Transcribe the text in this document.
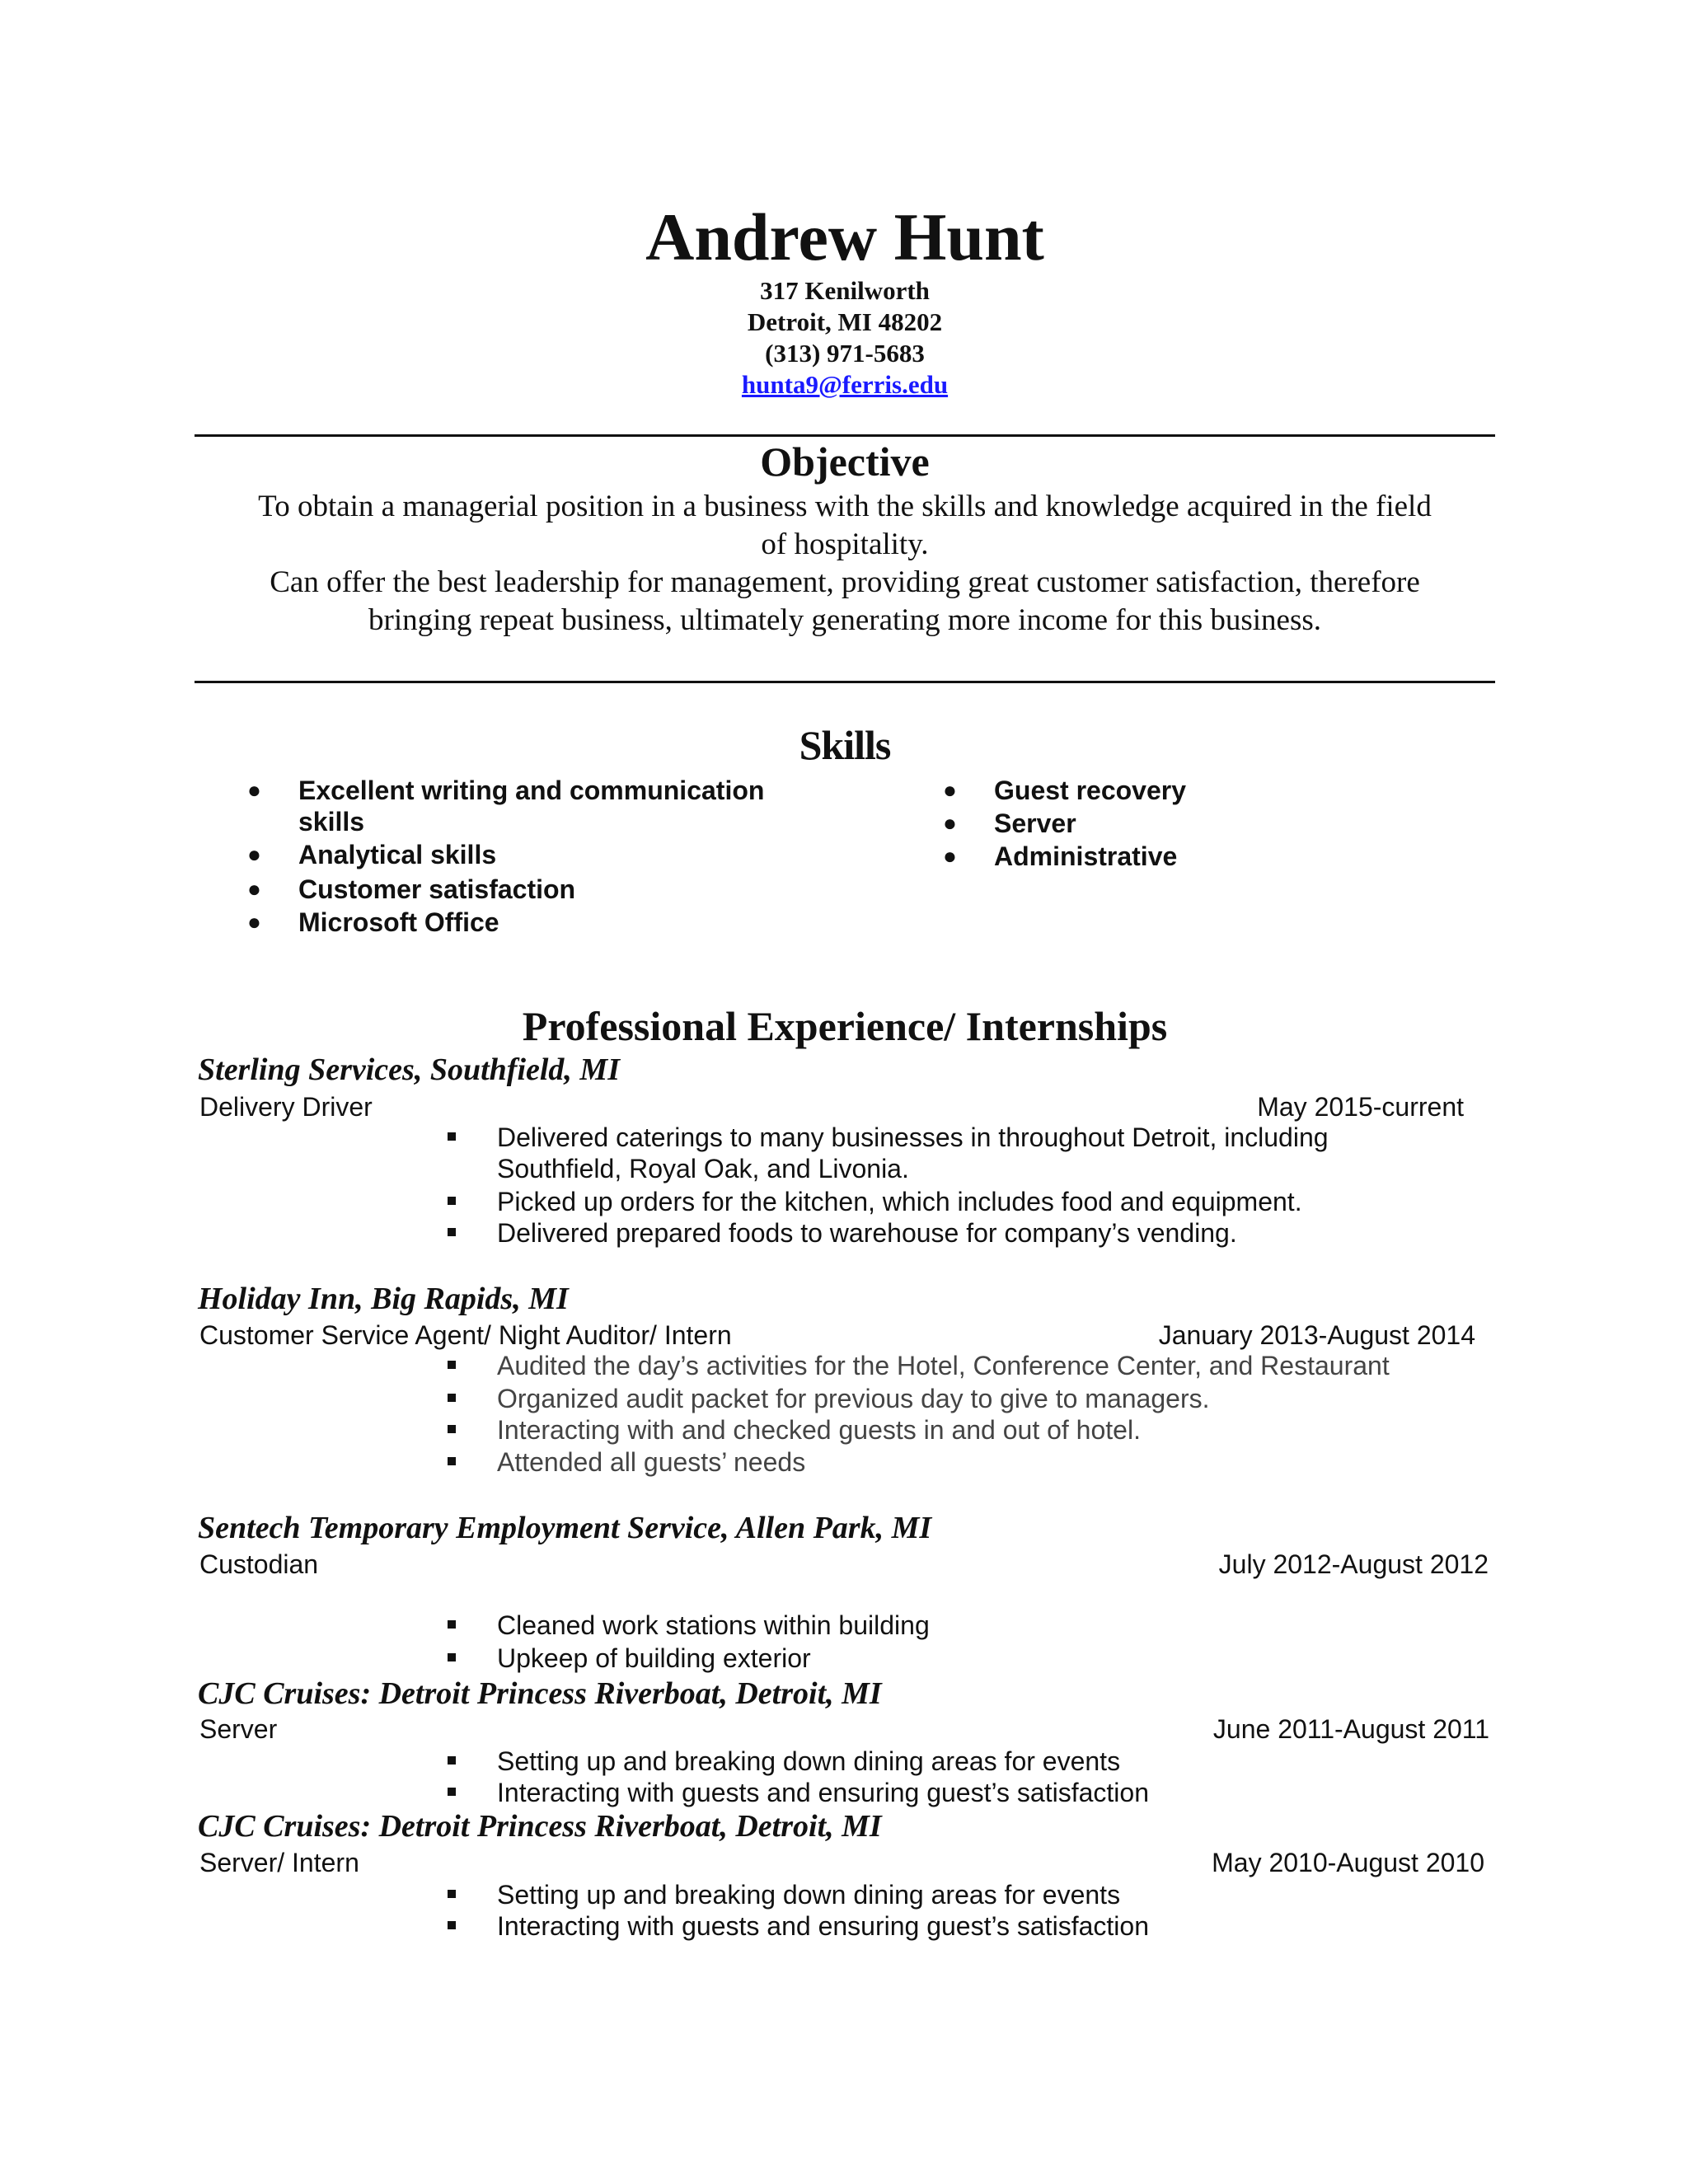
Andrew Hunt
317 Kenilworth
Detroit, MI 48202
(313) 971-5683
hunta9@ferris.edu
Objective
To obtain a managerial position in a business with the skills and knowledge acquired in the field
of hospitality.
Can offer the best leadership for management, providing great customer satisfaction, therefore
bringing repeat business, ultimately generating more income for this business.
Skills
● Excellent writing and communication
skills
● Analytical skills
● Customer satisfaction
● Microsoft Office
● Guest recovery
● Server
● Administrative
Professional Experience/ Internships
Sterling Services, Southfield, MI
Delivery Driver	May 2015-current
Delivered caterings to many businesses in throughout Detroit, including
Southfield, Royal Oak, and Livonia.
Picked up orders for the kitchen, which includes food and equipment.
Delivered prepared foods to warehouse for company’s vending.
Holiday Inn, Big Rapids, MI
Customer Service Agent/ Night Auditor/ Intern	January 2013-August 2014
Audited the day’s activities for the Hotel, Conference Center, and Restaurant
Organized audit packet for previous day to give to managers.
Interacting with and checked guests in and out of hotel.
Attended all guests’ needs
Sentech Temporary Employment Service, Allen Park, MI
Custodian	July 2012-August 2012
Cleaned work stations within building
Upkeep of building exterior
CJC Cruises: Detroit Princess Riverboat, Detroit, MI
Server	June 2011-August 2011
Setting up and breaking down dining areas for events
Interacting with guests and ensuring guest’s satisfaction
CJC Cruises: Detroit Princess Riverboat, Detroit, MI
Server/ Intern	May 2010-August 2010
Setting up and breaking down dining areas for events
Interacting with guests and ensuring guest’s satisfaction
